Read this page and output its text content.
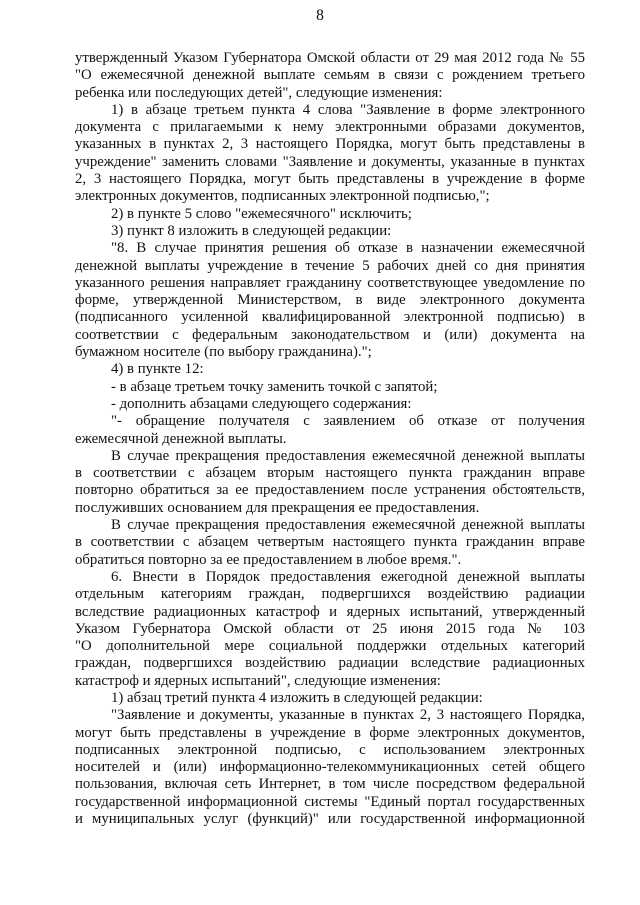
8
утвержденный Указом Губернатора Омской области от 29 мая 2012 года № 55
"О ежемесячной денежной выплате семьям в связи с рождением третьего
ребенка или последующих детей", следующие изменения:
1) в абзаце третьем пункта 4 слова "Заявление в форме электронного
документа с прилагаемыми к нему электронными образами документов,
указанных в пунктах 2, 3 настоящего Порядка, могут быть представлены в
учреждение" заменить словами "Заявление и документы, указанные в пунктах
2, 3 настоящего Порядка, могут быть представлены в учреждение в форме
электронных документов, подписанных электронной подписью,";
2) в пункте 5 слово "ежемесячного" исключить;
3) пункт 8 изложить в следующей редакции:
"8. В случае принятия решения об отказе в назначении ежемесячной
денежной выплаты учреждение в течение 5 рабочих дней со дня принятия
указанного решения направляет гражданину соответствующее уведомление по
форме, утвержденной Министерством, в виде электронного документа
(подписанного усиленной квалифицированной электронной подписью) в
соответствии с федеральным законодательством и (или) документа на
бумажном носителе (по выбору гражданина).";
4) в пункте 12:
- в абзаце третьем точку заменить точкой с запятой;
- дополнить абзацами следующего содержания:
"- обращение получателя с заявлением об отказе от получения
ежемесячной денежной выплаты.
В случае прекращения предоставления ежемесячной денежной выплаты
в соответствии с абзацем вторым настоящего пункта гражданин вправе
повторно обратиться за ее предоставлением после устранения обстоятельств,
послуживших основанием для прекращения ее предоставления.
В случае прекращения предоставления ежемесячной денежной выплаты
в соответствии с абзацем четвертым настоящего пункта гражданин вправе
обратиться повторно за ее предоставлением в любое время.".
6. Внести в Порядок предоставления ежегодной денежной выплаты
отдельным категориям граждан, подвергшихся воздействию радиации
вследствие радиационных катастроф и ядерных испытаний, утвержденный
Указом Губернатора Омской области от 25 июня 2015 года № 103
"О дополнительной мере социальной поддержки отдельных категорий
граждан, подвергшихся воздействию радиации вследствие радиационных
катастроф и ядерных испытаний", следующие изменения:
1) абзац третий пункта 4 изложить в следующей редакции:
"Заявление и документы, указанные в пунктах 2, 3 настоящего Порядка,
могут быть представлены в учреждение в форме электронных документов,
подписанных электронной подписью, с использованием электронных
носителей и (или) информационно-телекоммуникационных сетей общего
пользования, включая сеть Интернет, в том числе посредством федеральной
государственной информационной системы "Единый портал государственных
и муниципальных услуг (функций)" или государственной информационной
